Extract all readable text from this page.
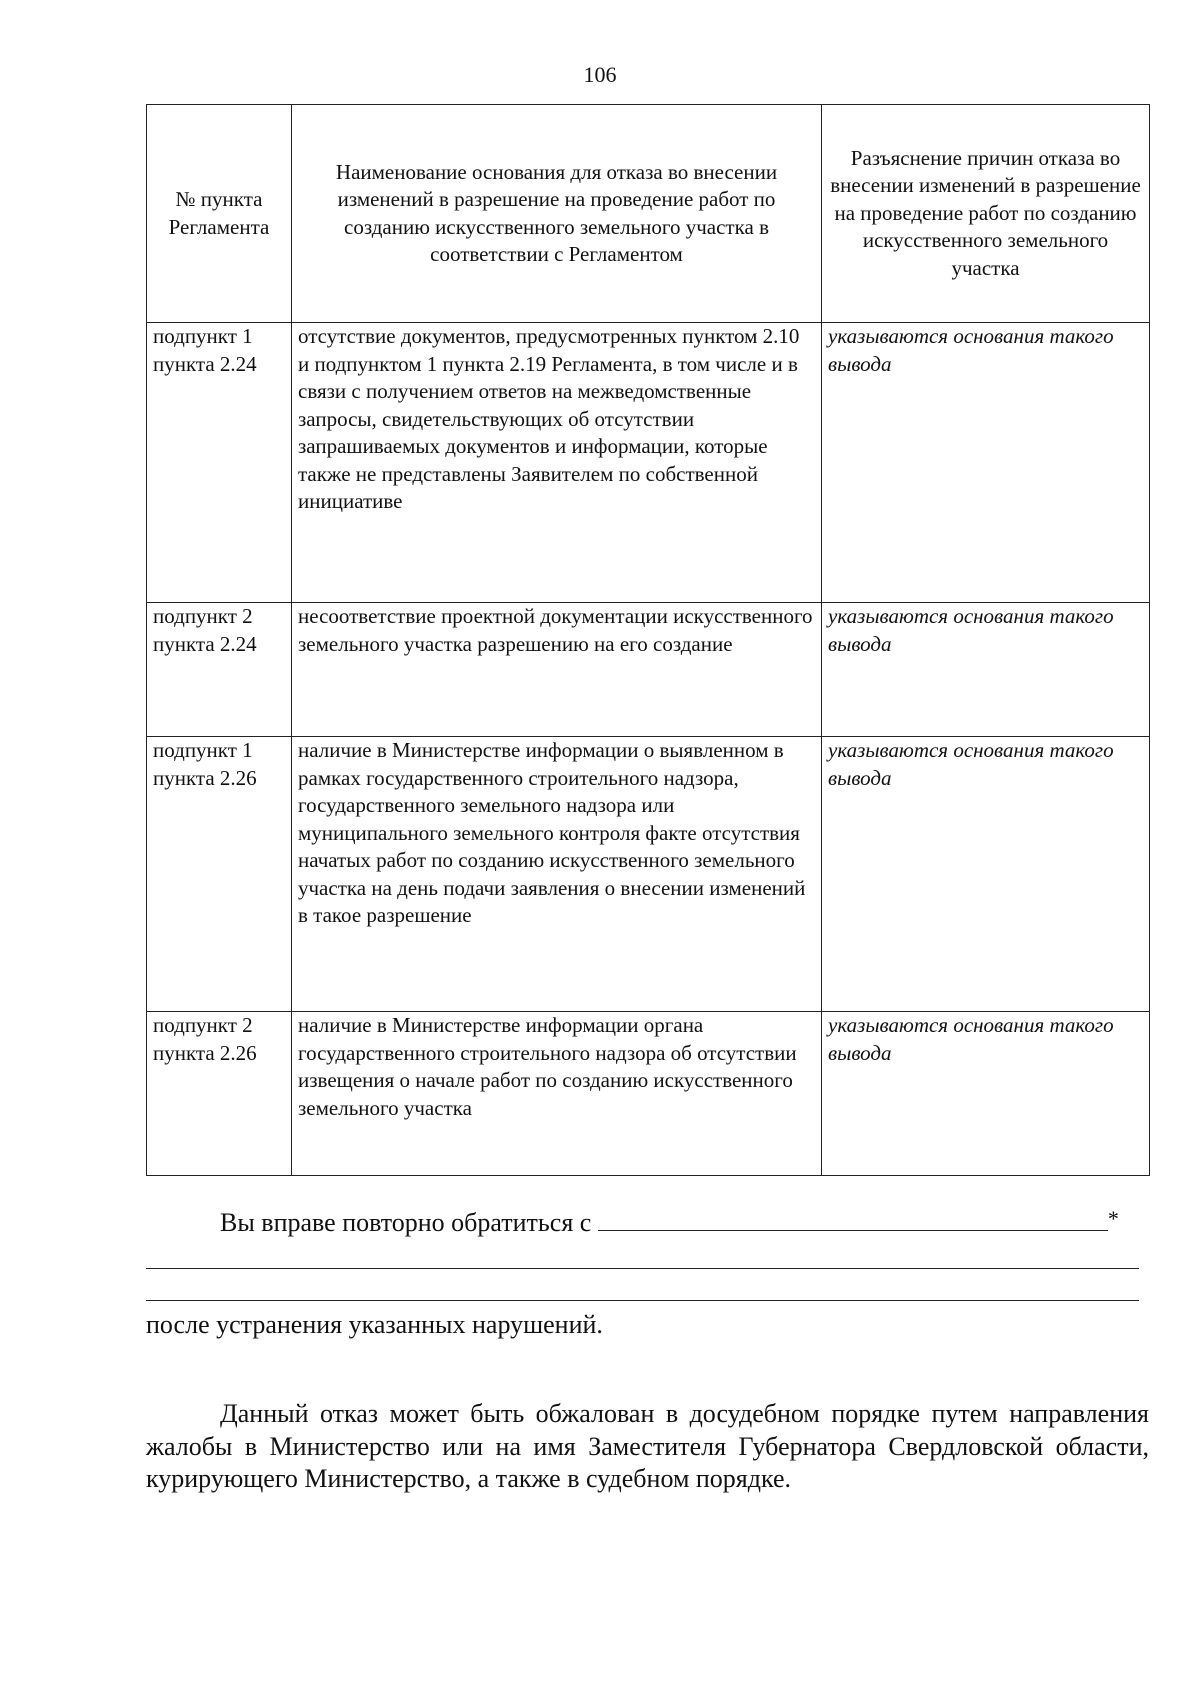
106
№ пункта Регламента	Наименование основания для отказа во внесении изменений в разрешение на проведение работ по созданию искусственного земельного участка в соответствии с Регламентом	Разъяснение причин отказа во внесении изменений в разрешение на проведение работ по созданию искусственного земельного участка
подпункт 1 пункта 2.24	отсутствие документов, предусмотренных пунктом 2.10 и подпунктом 1 пункта 2.19 Регламента, в том числе и в связи с получением ответов на межведомственные запросы, свидетельствующих об отсутствии запрашиваемых документов и информации, которые также не представлены Заявителем по собственной инициативе	указываются основания такого вывода
подпункт 2 пункта 2.24	несоответствие проектной документации искусственного земельного участка разрешению на его создание	указываются основания такого вывода
подпункт 1 пункта 2.26	наличие в Министерстве информации о выявленном в рамках государственного строительного надзора, государственного земельного надзора или муниципального земельного контроля факте отсутствия начатых работ по созданию искусственного земельного участка на день подачи заявления о внесении изменений в такое разрешение	указываются основания такого вывода
подпункт 2 пункта 2.26	наличие в Министерстве информации органа государственного строительного надзора об отсутствии извещения о начале работ по созданию искусственного земельного участка	указываются основания такого вывода
Вы вправе повторно обратиться с	*
после устранения указанных нарушений.

Данный отказ может быть обжалован в досудебном порядке путем направления жалобы в Министерство или на имя Заместителя Губернатора Свердловской области, курирующего Министерство, а также в судебном порядке.
